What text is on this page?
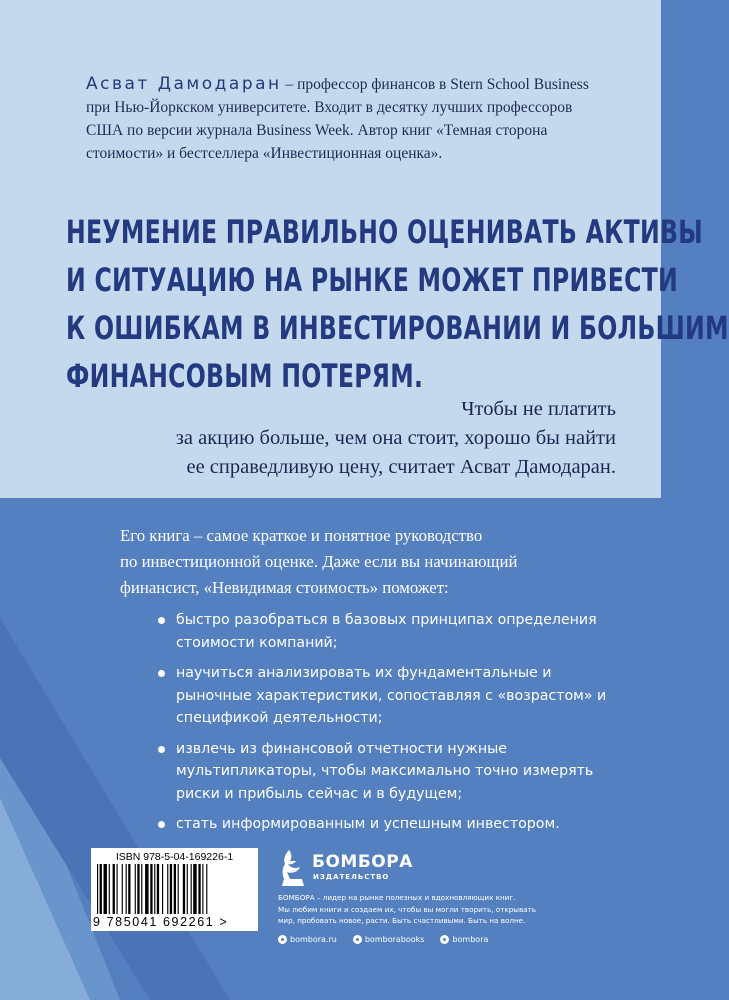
Асват Дамодаран – профессор финансов в Stern School Business при Нью-Йоркском университете. Входит в десятку лучших профессоров США по версии журнала Business Week. Автор книг «Темная сторона стоимости» и бестселлера «Инвестиционная оценка».
НЕУМЕНИЕ ПРАВИЛЬНО ОЦЕНИВАТЬ АКТИВЫ
И СИТУАЦИЮ НА РЫНКЕ МОЖЕТ ПРИВЕСТИ
К ОШИБКАМ В ИНВЕСТИРОВАНИИ И БОЛЬШИМ
ФИНАНСОВЫМ ПОТЕРЯМ.
Чтобы не платить
за акцию больше, чем она стоит, хорошо бы найти
ее справедливую цену, считает Асват Дамодаран.
Его книга – самое краткое и понятное руководство
по инвестиционной оценке. Даже если вы начинающий
финансист, «Невидимая стоимость» поможет:
быстро разобраться в базовых принципах определения стоимости компаний;
научиться анализировать их фундаментальные и рыночные характеристики, сопоставляя с «возрастом» и спецификой деятельности;
извлечь из финансовой отчетности нужные мультипликаторы, чтобы максимально точно измерять риски и прибыль сейчас и в будущем;
стать информированным и успешным инвестором.
ISBN 978-5-04-169226-1
9 785041 692261 >
БОМБОРА
ИЗДАТЕЛЬСТВО
БОМБОРА – лидер на рынке полезных и вдохновляющих книг.
Мы любим книги и создаем их, чтобы вы могли творить, открывать
мир, пробовать новое, расти. Быть счастливыми. Быть на волне.
bombora.ru	bomborabooks	bombora
